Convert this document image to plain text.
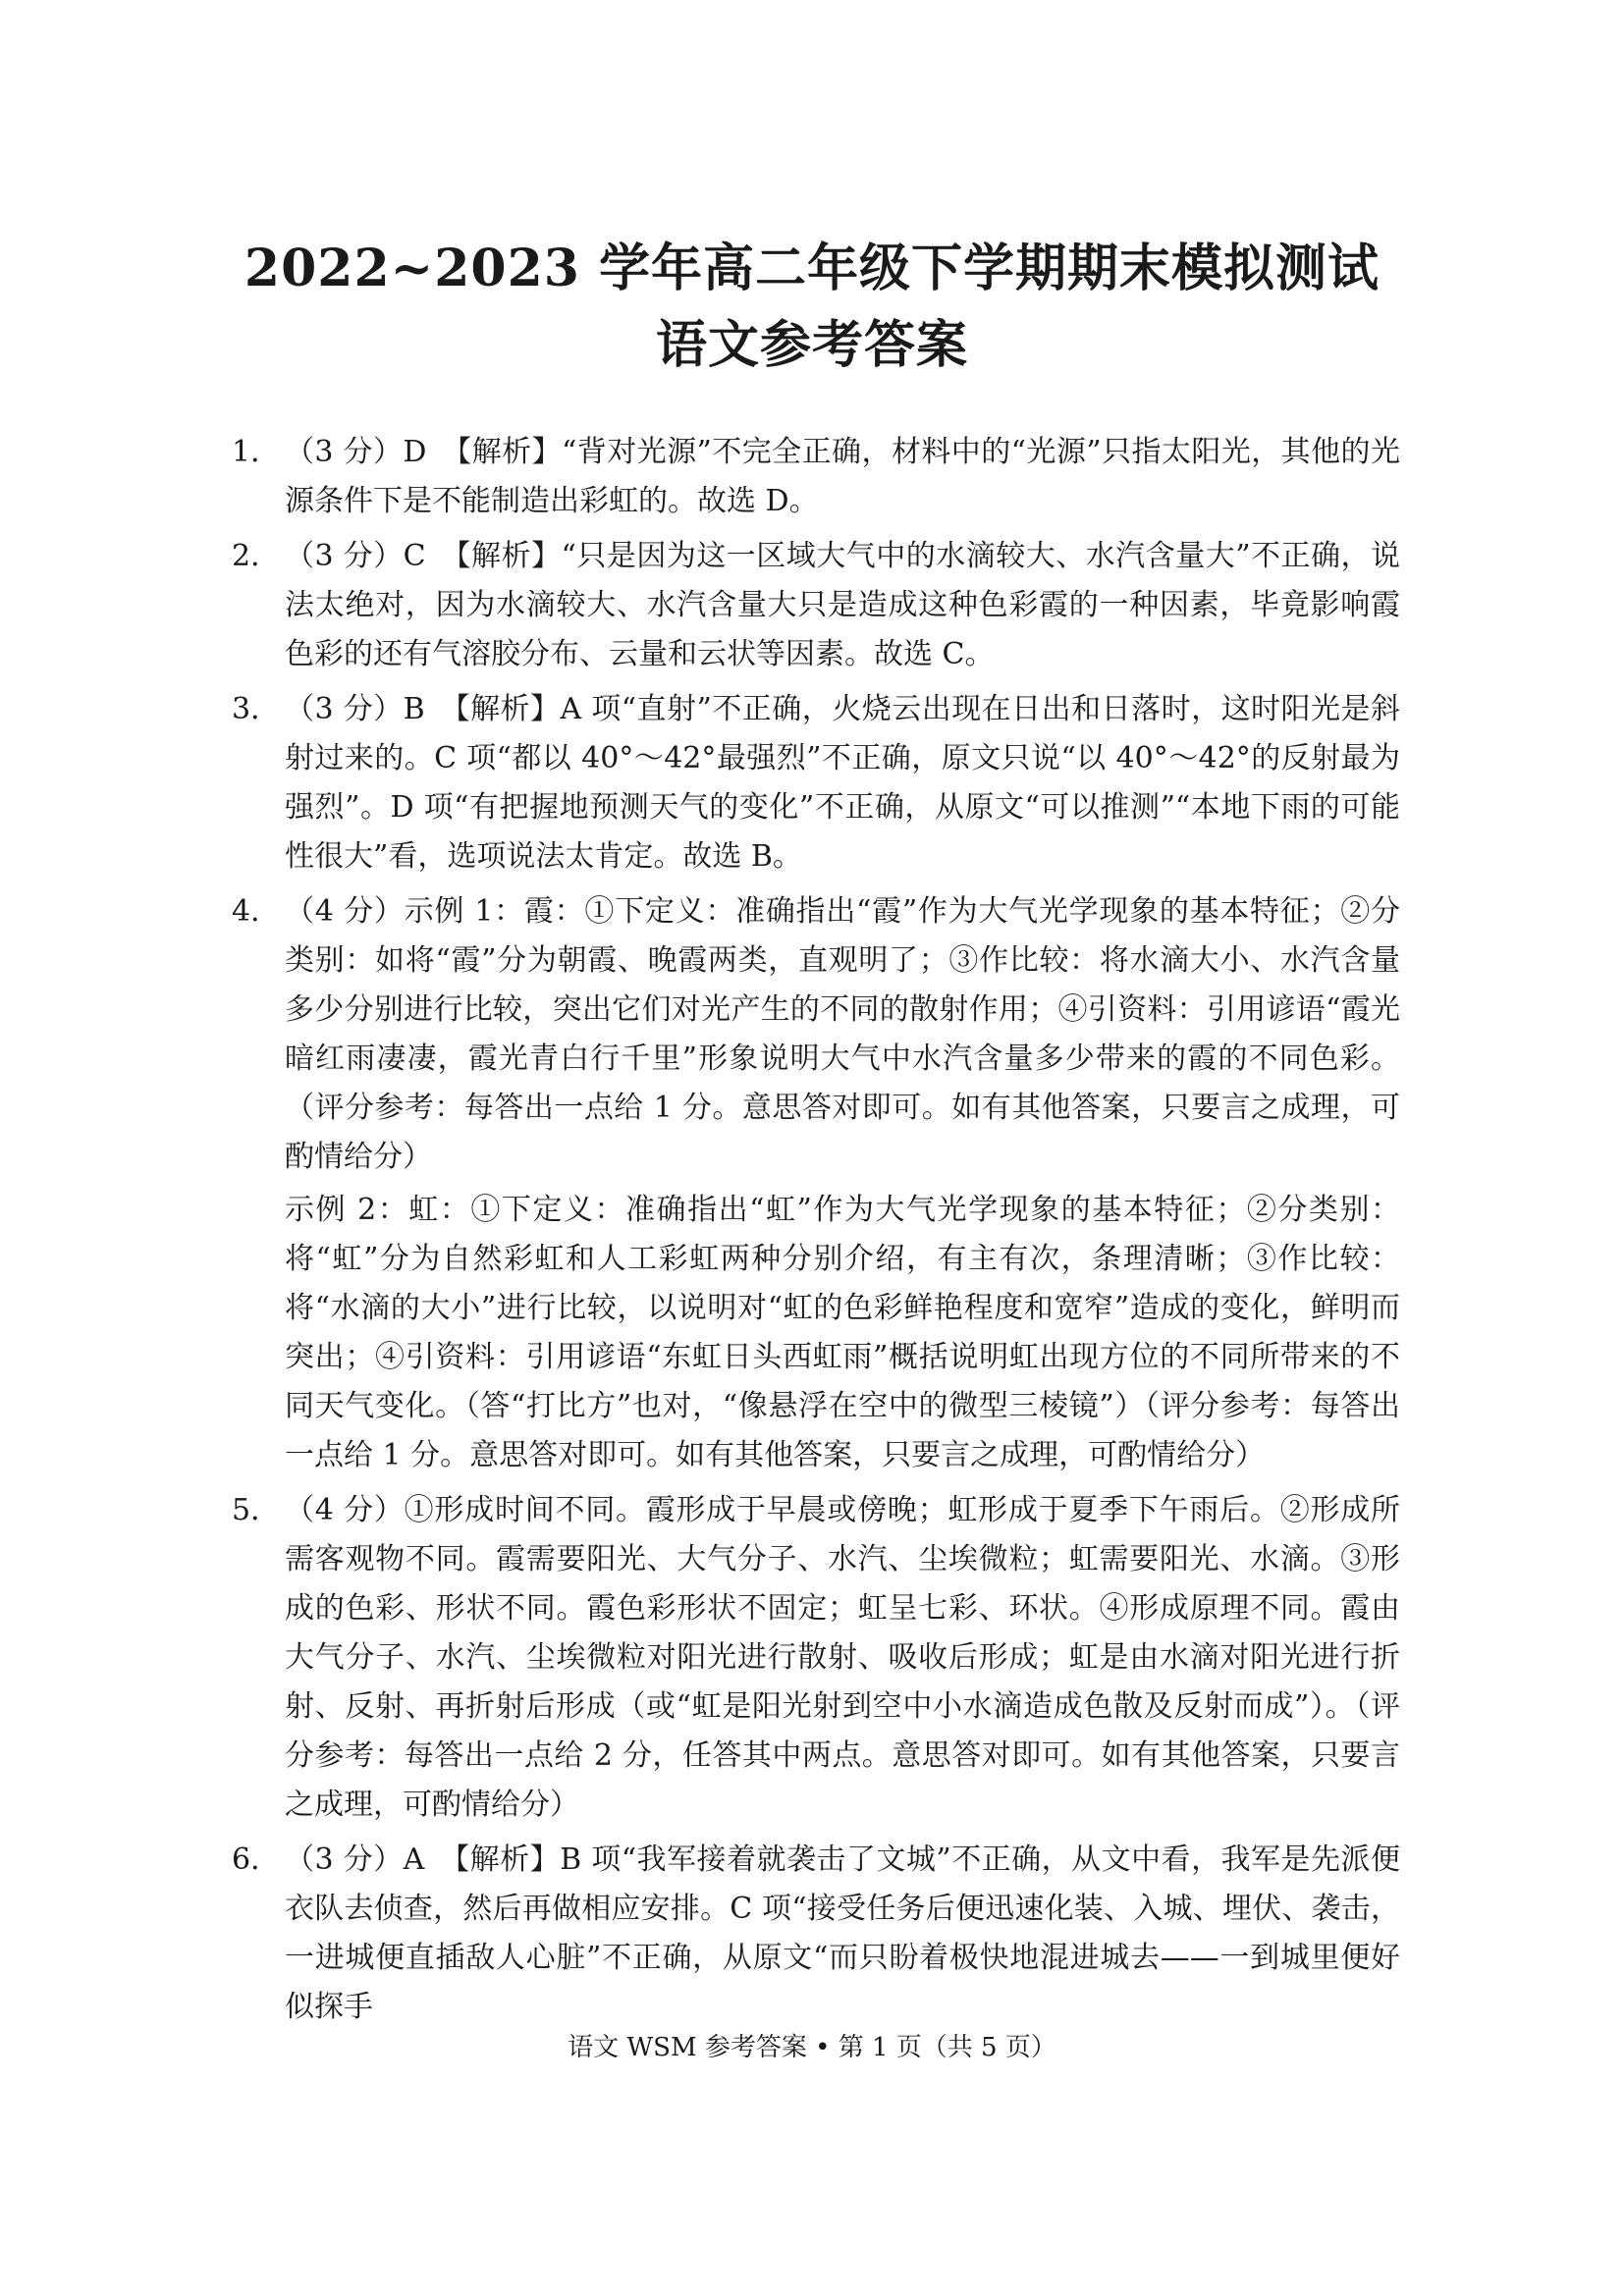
2022~2023 学年高二年级下学期期末模拟测试
语文参考答案
1． （3 分）D　【解析】“背对光源”不完全正确，材料中的“光源”只指太阳光，其他的光源条件下是不能制造出彩虹的。故选 D。

2． （3 分）C　【解析】“只是因为这一区域大气中的水滴较大、水汽含量大”不正确，说法太绝对，因为水滴较大、水汽含量大只是造成这种色彩霞的一种因素，毕竟影响霞色彩的还有气溶胶分布、云量和云状等因素。故选 C。

3． （3 分）B　【解析】A 项“直射”不正确，火烧云出现在日出和日落时，这时阳光是斜射过来的。C 项“都以 40°～42°最强烈”不正确，原文只说“以 40°～42°的反射最为强烈”。D 项“有把握地预测天气的变化”不正确，从原文“可以推测”“本地下雨的可能性很大”看，选项说法太肯定。故选 B。

4． （4 分）示例 1：霞：①下定义：准确指出“霞”作为大气光学现象的基本特征；②分类别：如将“霞”分为朝霞、晚霞两类，直观明了；③作比较：将水滴大小、水汽含量多少分别进行比较，突出它们对光产生的不同的散射作用；④引资料：引用谚语“霞光暗红雨凄凄，霞光青白行千里”形象说明大气中水汽含量多少带来的霞的不同色彩。（评分参考：每答出一点给 1 分。意思答对即可。如有其他答案，只要言之成理，可酌情给分）

示例 2：虹：①下定义：准确指出“虹”作为大气光学现象的基本特征；②分类别：将“虹”分为自然彩虹和人工彩虹两种分别介绍，有主有次，条理清晰；③作比较：将“水滴的大小”进行比较，以说明对“虹的色彩鲜艳程度和宽窄”造成的变化，鲜明而突出；④引资料：引用谚语“东虹日头西虹雨”概括说明虹出现方位的不同所带来的不同天气变化。（答“打比方”也对，“像悬浮在空中的微型三棱镜”）（评分参考：每答出一点给 1 分。意思答对即可。如有其他答案，只要言之成理，可酌情给分）

5． （4 分）①形成时间不同。霞形成于早晨或傍晚；虹形成于夏季下午雨后。②形成所需客观物不同。霞需要阳光、大气分子、水汽、尘埃微粒；虹需要阳光、水滴。③形成的色彩、形状不同。霞色彩形状不固定；虹呈七彩、环状。④形成原理不同。霞由大气分子、水汽、尘埃微粒对阳光进行散射、吸收后形成；虹是由水滴对阳光进行折射、反射、再折射后形成（或“虹是阳光射到空中小水滴造成色散及反射而成”）。（评分参考：每答出一点给 2 分，任答其中两点。意思答对即可。如有其他答案，只要言之成理，可酌情给分）

6． （3 分）A　【解析】B 项“我军接着就袭击了文城”不正确，从文中看，我军是先派便衣队去侦查，然后再做相应安排。C 项“接受任务后便迅速化装、入城、埋伏、袭击，一进城便直插敌人心脏”不正确，从原文“而只盼着极快地混进城去——一到城里便好似探手

语文 WSM 参考答案 • 第 1 页（共 5 页）
